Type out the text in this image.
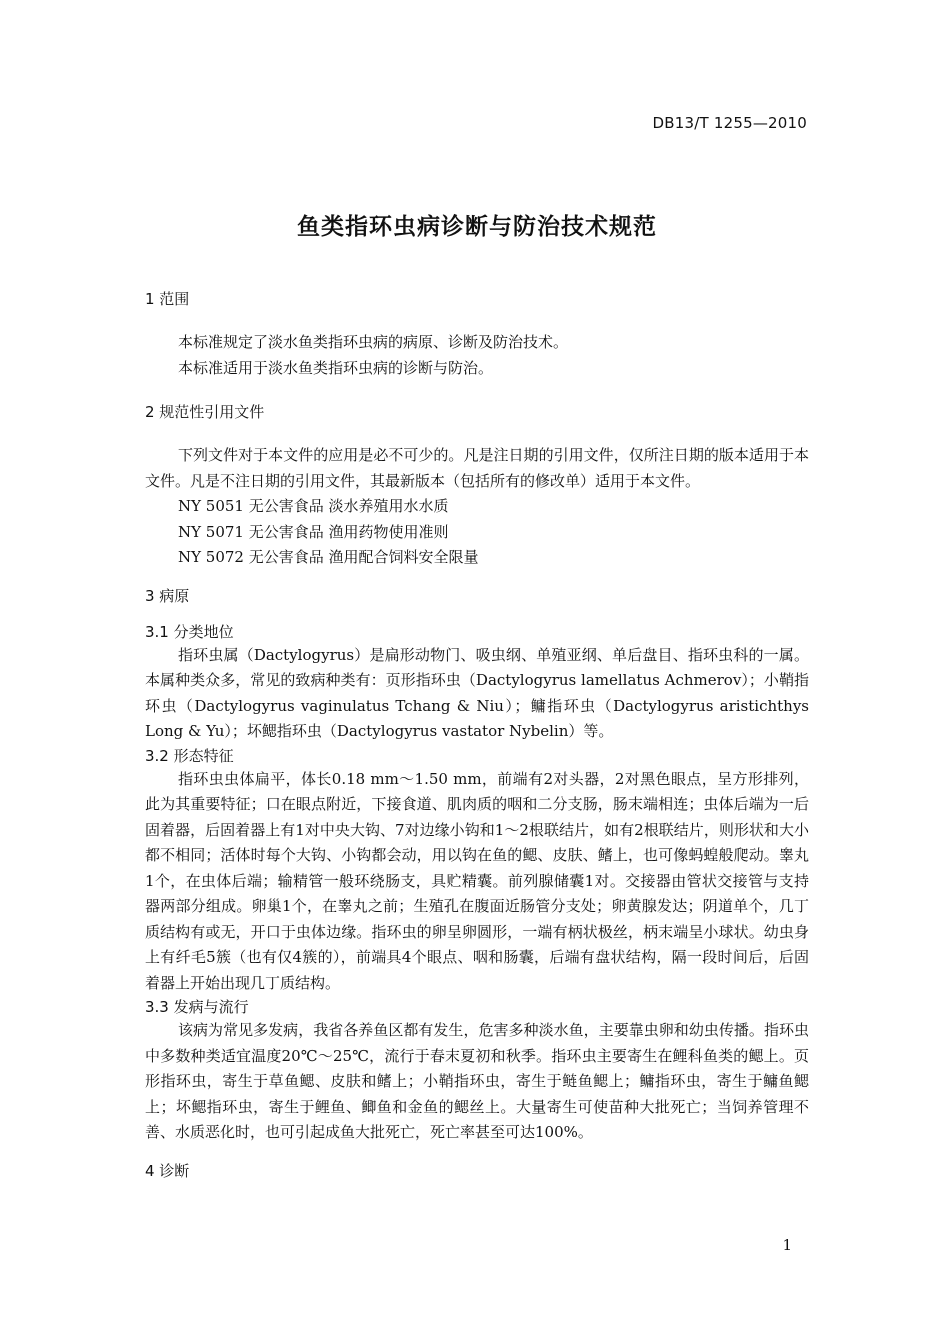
DB13/T 1255—2010
鱼类指环虫病诊断与防治技术规范

1 范围

本标准规定了淡水鱼类指环虫病的病原、诊断及防治技术。

本标准适用于淡水鱼类指环虫病的诊断与防治。

2 规范性引用文件

下列文件对于本文件的应用是必不可少的。凡是注日期的引用文件，仅所注日期的版本适用于本文件。凡是不注日期的引用文件，其最新版本（包括所有的修改单）适用于本文件。

NY 5051 无公害食品 淡水养殖用水水质

NY 5071 无公害食品 渔用药物使用准则

NY 5072 无公害食品 渔用配合饲料安全限量

3 病原

3.1 分类地位

指环虫属（Dactylogyrus）是扁形动物门、吸虫纲、单殖亚纲、单后盘目、指环虫科的一属。本属种类众多，常见的致病种类有：页形指环虫（Dactylogyrus lamellatus Achmerov）；小鞘指环虫（Dactylogyrus vaginulatus Tchang & Niu）；鳙指环虫（Dactylogyrus aristichthys Long & Yu）；坏鳃指环虫（Dactylogyrus vastator Nybelin）等。

3.2 形态特征

指环虫虫体扁平，体长0.18 mm～1.50 mm，前端有2对头器，2对黑色眼点，呈方形排列，此为其重要特征；口在眼点附近，下接食道、肌肉质的咽和二分支肠，肠末端相连；虫体后端为一后固着器，后固着器上有1对中央大钩、7对边缘小钩和1～2根联结片，如有2根联结片，则形状和大小都不相同；活体时每个大钩、小钩都会动，用以钩在鱼的鳃、皮肤、鳍上，也可像蚂蝗般爬动。睾丸1个，在虫体后端；输精管一般环绕肠支，具贮精囊。前列腺储囊1对。交接器由管状交接管与支持器两部分组成。卵巢1个，在睾丸之前；生殖孔在腹面近肠管分支处；卵黄腺发达；阴道单个，几丁质结构有或无，开口于虫体边缘。指环虫的卵呈卵圆形，一端有柄状极丝，柄末端呈小球状。幼虫身上有纤毛5簇（也有仅4簇的），前端具4个眼点、咽和肠囊，后端有盘状结构，隔一段时间后，后固着器上开始出现几丁质结构。

3.3 发病与流行

该病为常见多发病，我省各养鱼区都有发生，危害多种淡水鱼，主要靠虫卵和幼虫传播。指环虫中多数种类适宜温度20℃～25℃，流行于春末夏初和秋季。指环虫主要寄生在鲤科鱼类的鳃上。页形指环虫，寄生于草鱼鳃、皮肤和鳍上；小鞘指环虫，寄生于鲢鱼鳃上；鳙指环虫，寄生于鳙鱼鳃上；坏鳃指环虫，寄生于鲤鱼、鲫鱼和金鱼的鳃丝上。大量寄生可使苗种大批死亡；当饲养管理不善、水质恶化时，也可引起成鱼大批死亡，死亡率甚至可达100%。

4 诊断

1
